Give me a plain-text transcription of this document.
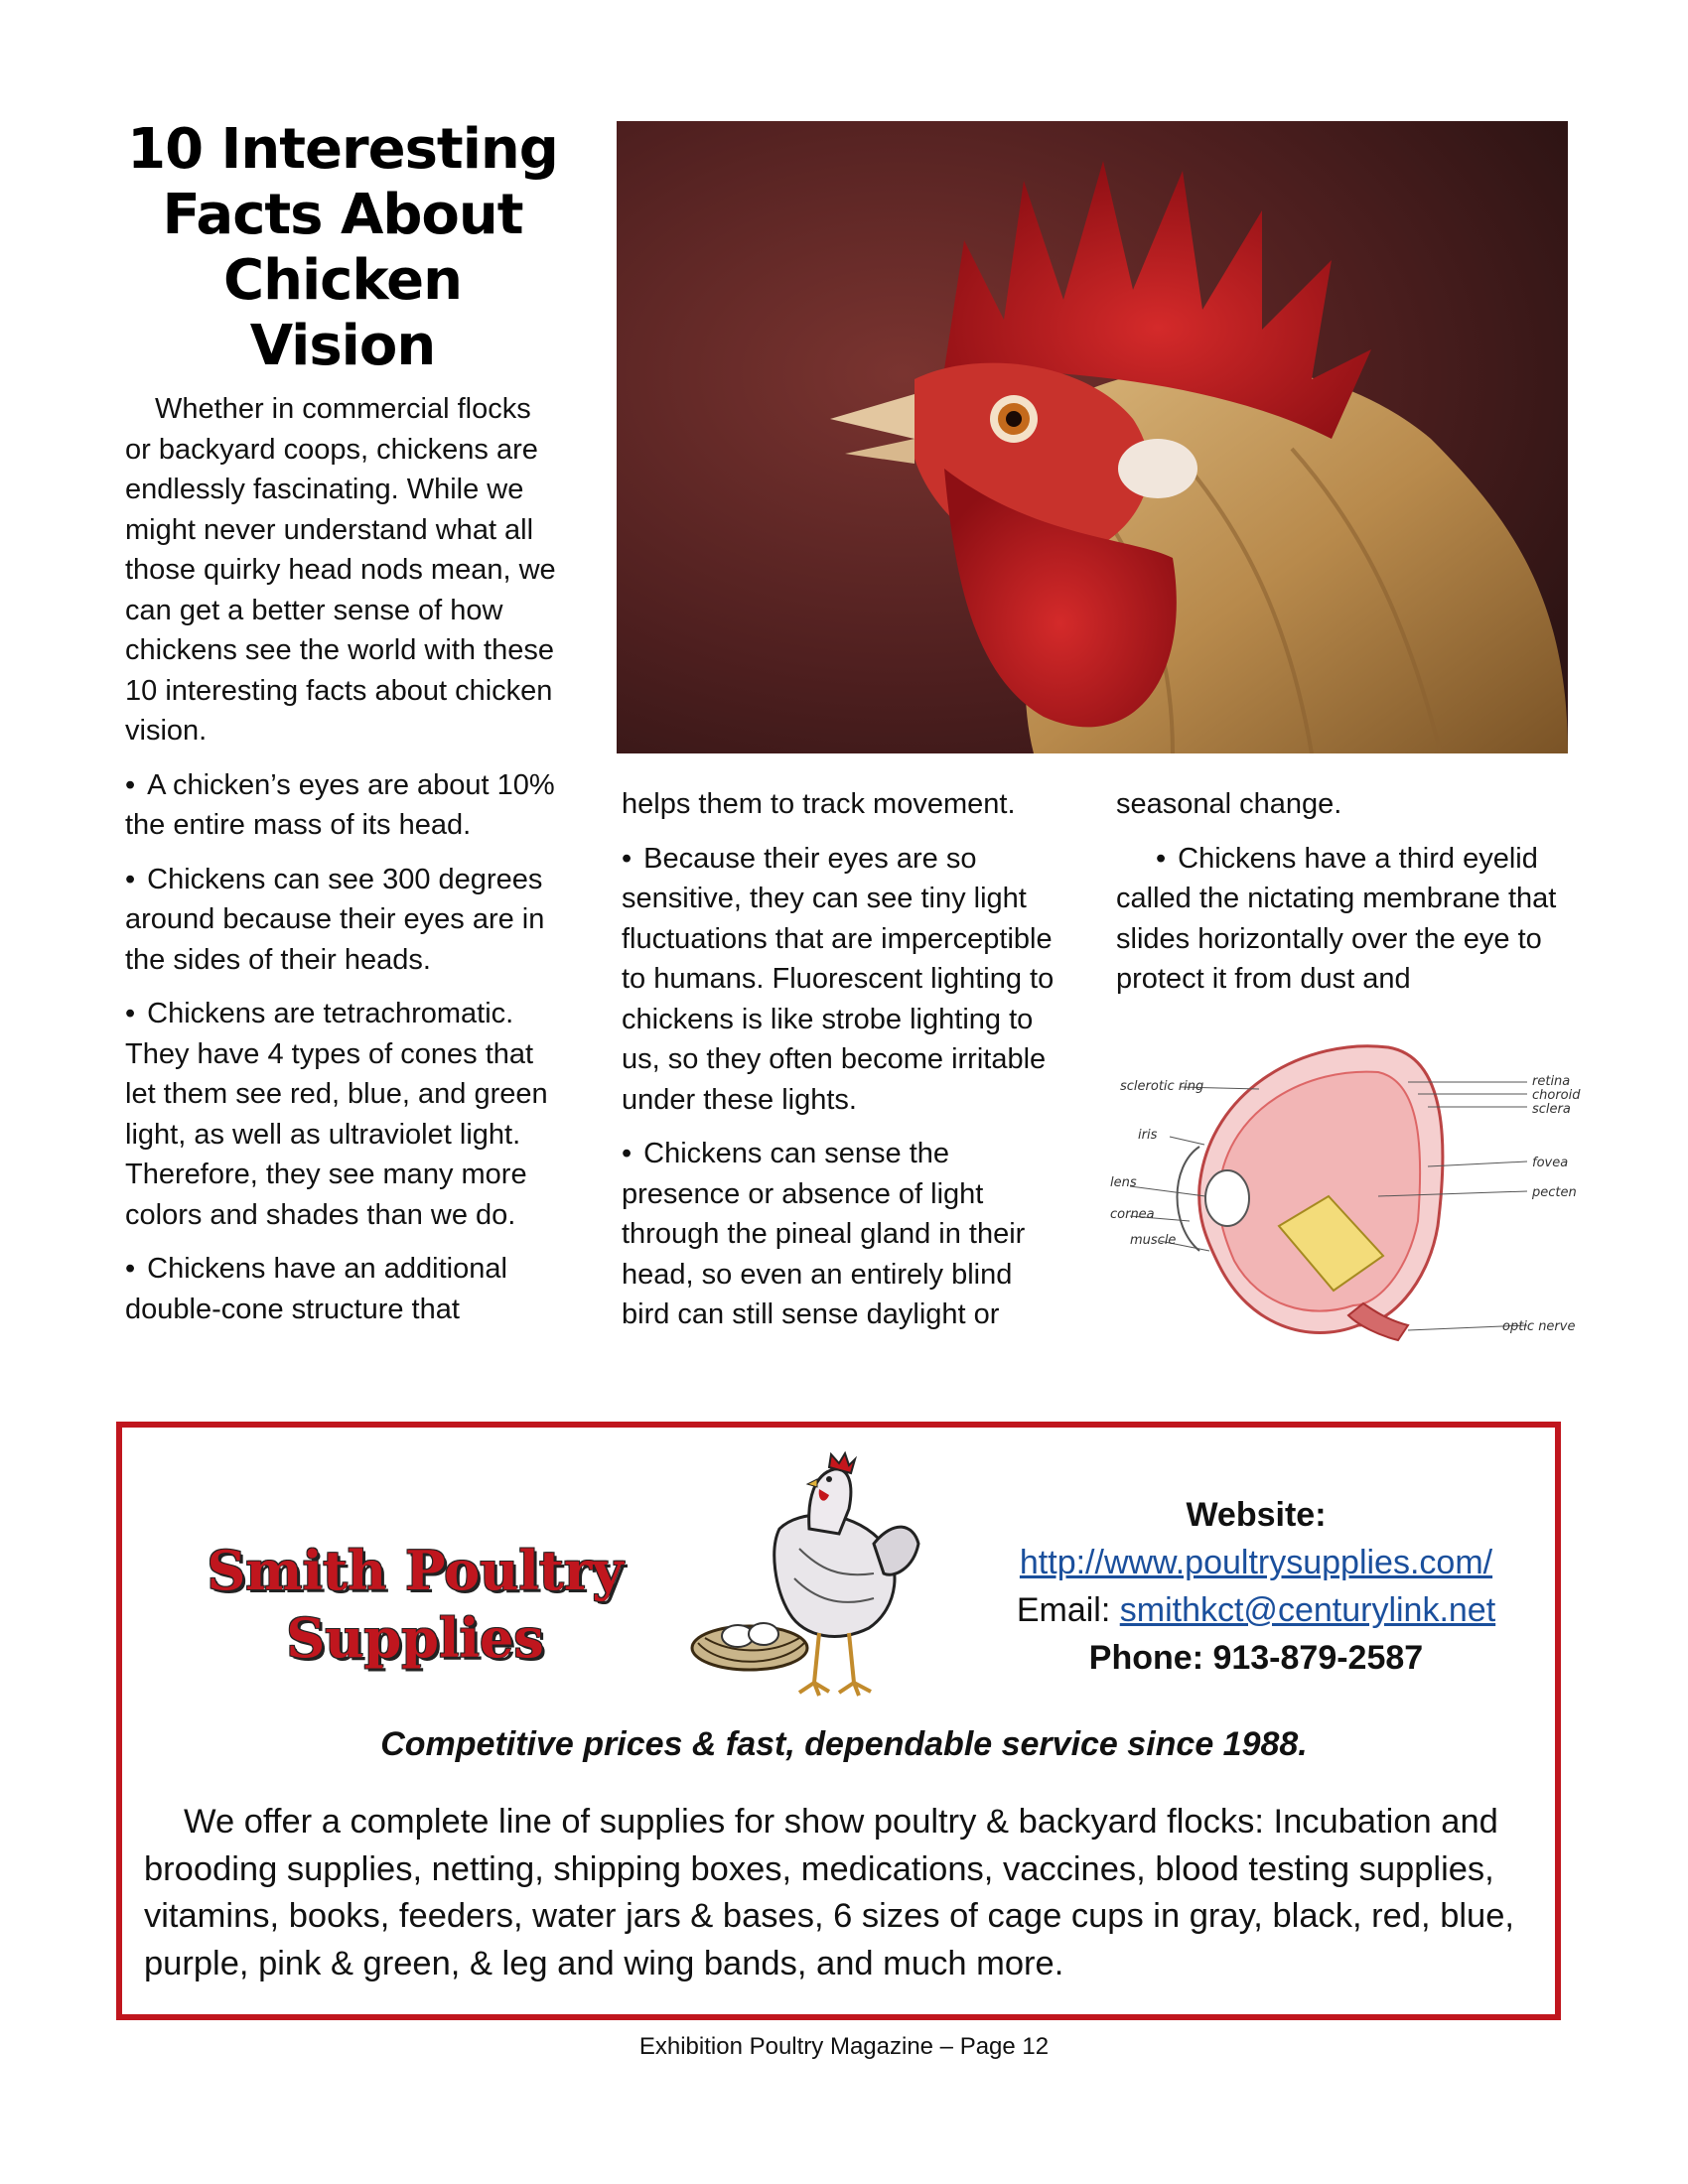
10 Interesting
Facts About
Chicken
Vision

Whether in commercial flocks or backyard coops, chickens are endlessly fascinating. While we might never understand what all those quirky head nods mean, we can get a better sense of how chickens see the world with these 10 interesting facts about chicken vision.

• A chicken’s eyes are about 10% the entire mass of its head.

• Chickens can see 300 degrees around because their eyes are in the sides of their heads.

• Chickens are tetrachromatic. They have 4 types of cones that let them see red, blue, and green light, as well as ultraviolet light. Therefore, they see many more colors and shades than we do.

• Chickens have an additional double-cone structure that

helps them to track movement.

• Because their eyes are so sensitive, they can see tiny light fluctuations that are imperceptible to humans. Fluorescent lighting to chickens is like strobe lighting to us, so they often become irritable under these lights.

• Chickens can sense the presence or absence of light through the pineal gland in their head, so even an entirely blind bird can still sense daylight or

seasonal change.

• Chickens have a third eyelid called the nictating membrane that slides horizontally over the eye to protect it from dust and

sclerotic ring
iris
lens
cornea
muscle
retina
choroid
sclera
fovea
pecten
optic nerve
Smith Poultry
Supplies
Website:
http://www.poultrysupplies.com/
Email: smithkct@centurylink.net
Phone: 913-879-2587
Competitive prices & fast, dependable service since 1988.

We offer a complete line of supplies for show poultry & backyard flocks: Incubation and brooding supplies, netting, shipping boxes, medications, vaccines, blood testing supplies, vitamins, books, feeders, water jars & bases, 6 sizes of cage cups in gray, black, red, blue, purple, pink & green, & leg and wing bands, and much more.

Exhibition Poultry Magazine – Page 12
